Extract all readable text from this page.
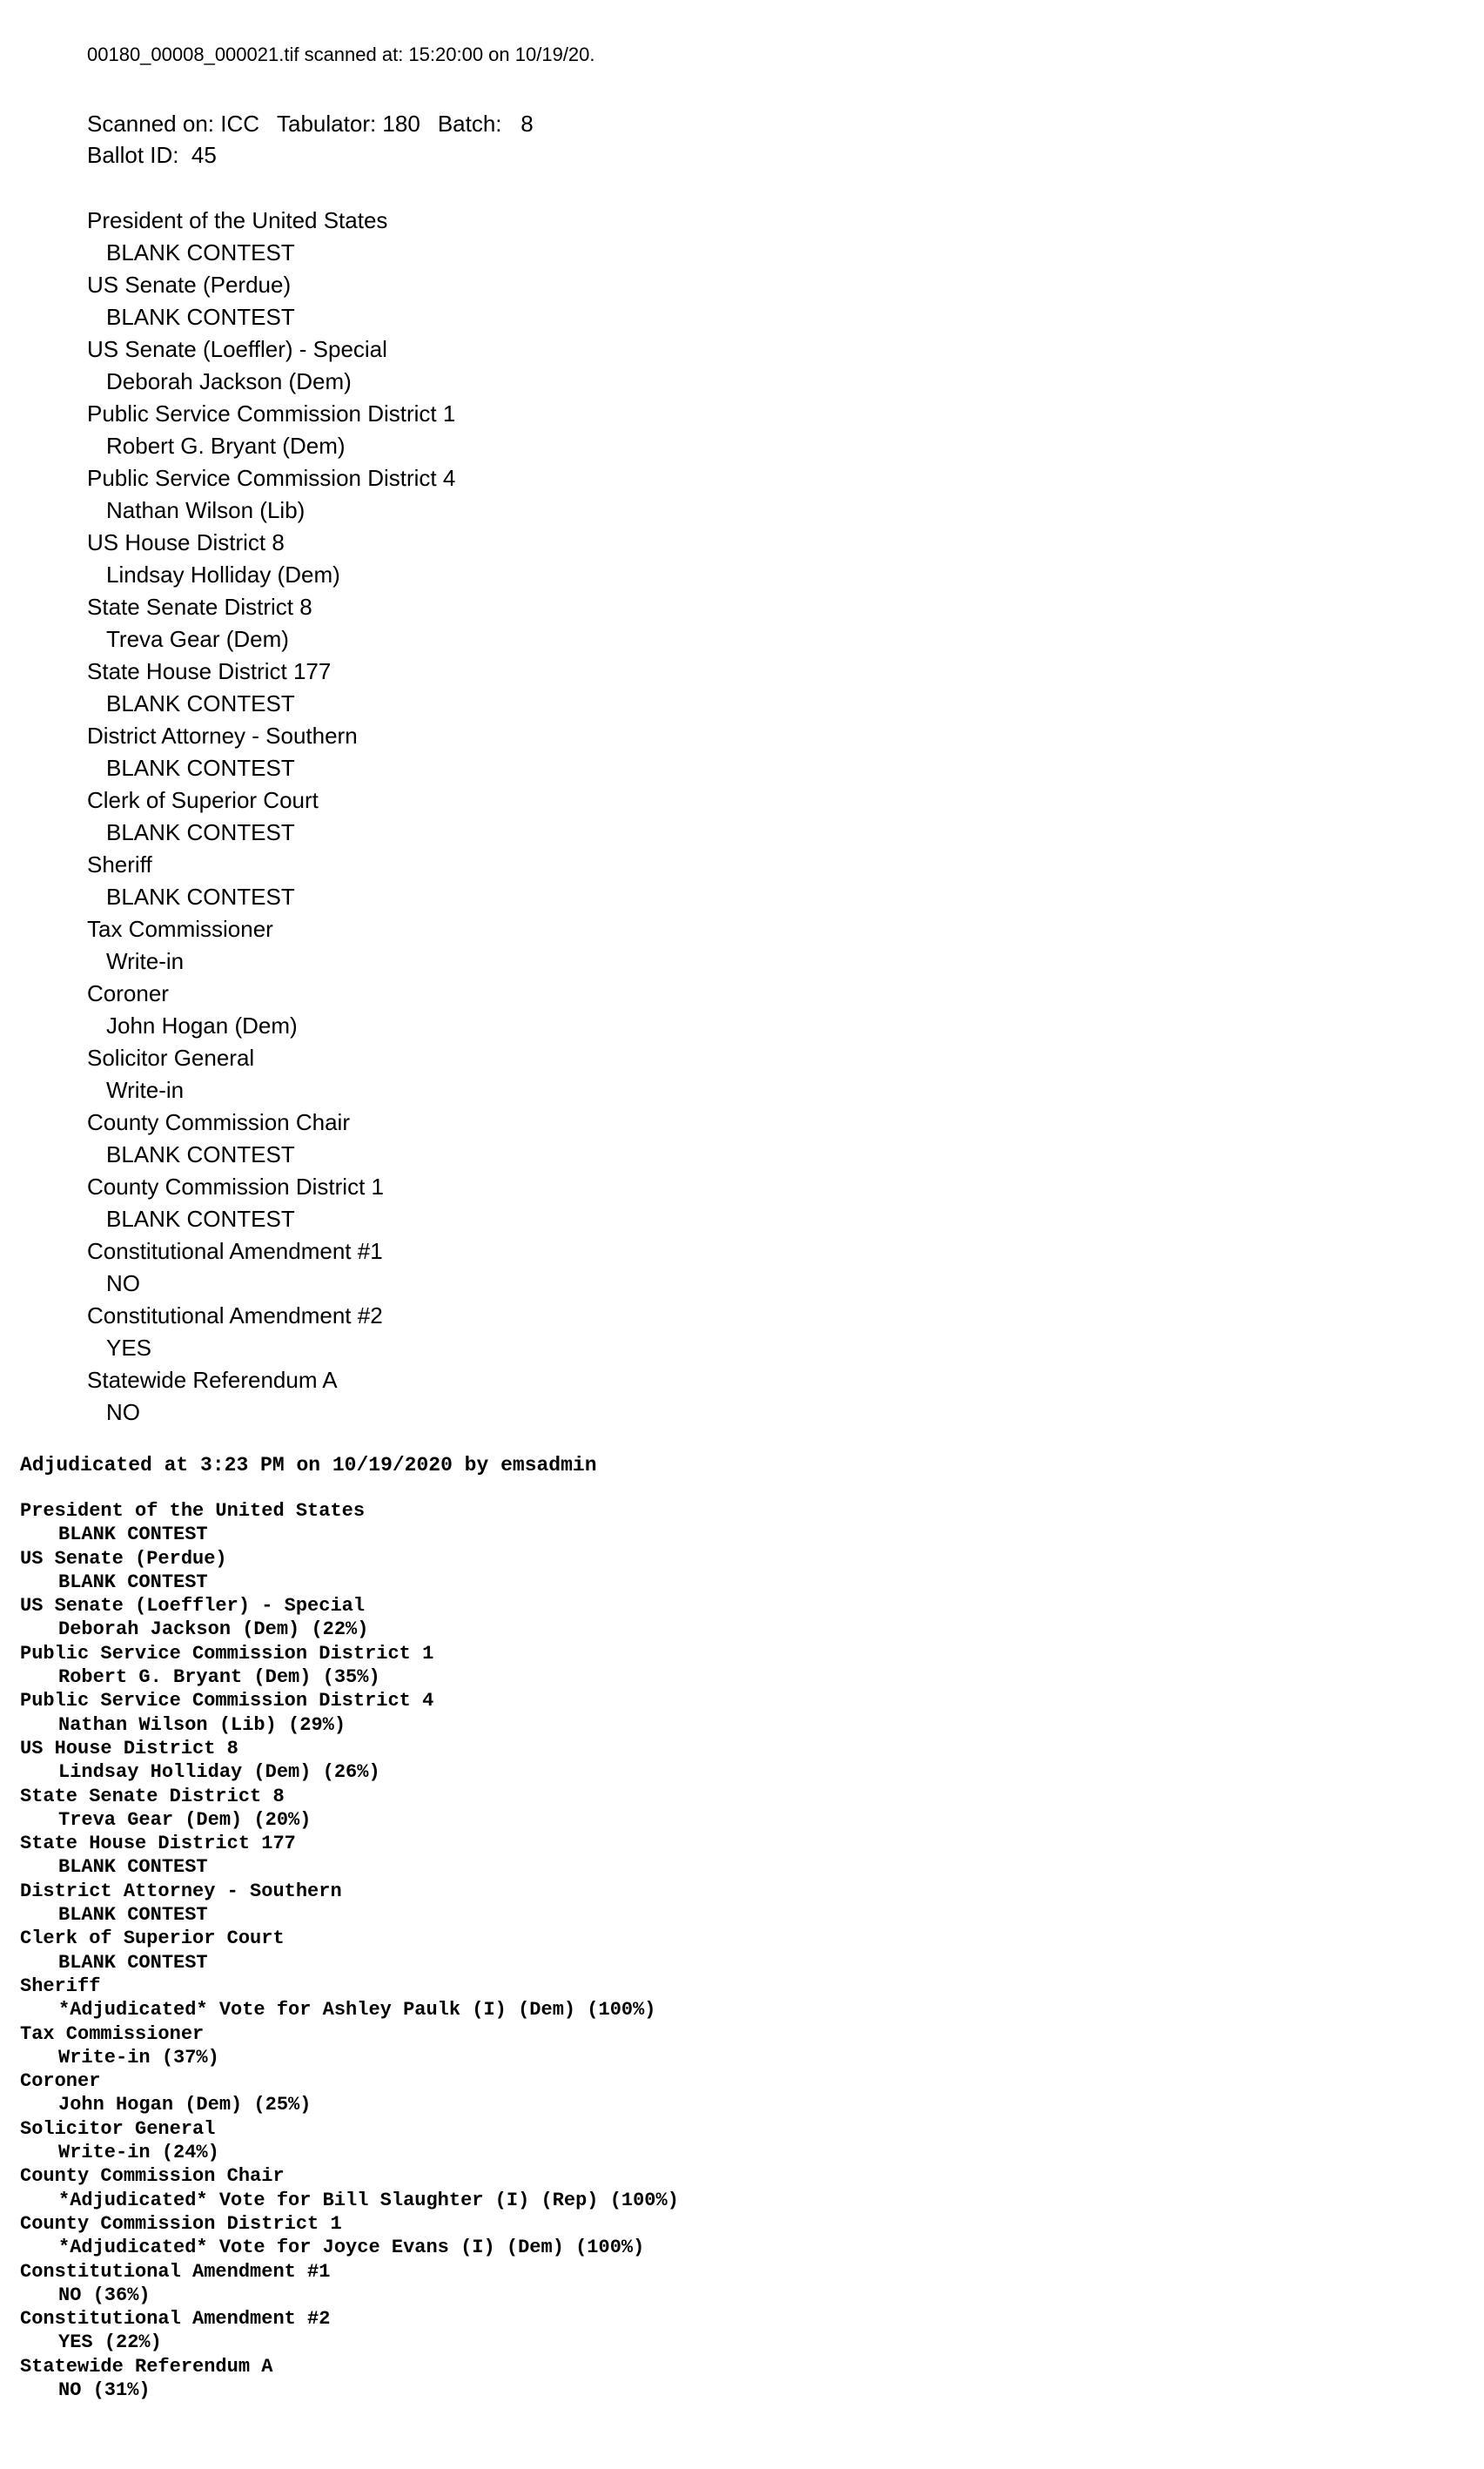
00180_00008_000021.tif scanned at: 15:20:00 on 10/19/20.
Scanned on: ICC Tabulator: 180 Batch:   8
Ballot ID:  45
President of the United States
BLANK CONTEST
US Senate (Perdue)
BLANK CONTEST
US Senate (Loeffler) - Special
Deborah Jackson (Dem)
Public Service Commission District 1
Robert G. Bryant (Dem)
Public Service Commission District 4
Nathan Wilson (Lib)
US House District 8
Lindsay Holliday (Dem)
State Senate District 8
Treva Gear (Dem)
State House District 177
BLANK CONTEST
District Attorney - Southern
BLANK CONTEST
Clerk of Superior Court
BLANK CONTEST
Sheriff
BLANK CONTEST
Tax Commissioner
Write-in
Coroner
John Hogan (Dem)
Solicitor General
Write-in
County Commission Chair
BLANK CONTEST
County Commission District 1
BLANK CONTEST
Constitutional Amendment #1
NO
Constitutional Amendment #2
YES
Statewide Referendum A
NO
Adjudicated at 3:23 PM on 10/19/2020 by emsadmin
President of the United States
BLANK CONTEST
US Senate (Perdue)
BLANK CONTEST
US Senate (Loeffler) - Special
Deborah Jackson (Dem) (22%)
Public Service Commission District 1
Robert G. Bryant (Dem) (35%)
Public Service Commission District 4
Nathan Wilson (Lib) (29%)
US House District 8
Lindsay Holliday (Dem) (26%)
State Senate District 8
Treva Gear (Dem) (20%)
State House District 177
BLANK CONTEST
District Attorney - Southern
BLANK CONTEST
Clerk of Superior Court
BLANK CONTEST
Sheriff
*Adjudicated* Vote for Ashley Paulk (I) (Dem) (100%)
Tax Commissioner
Write-in (37%)
Coroner
John Hogan (Dem) (25%)
Solicitor General
Write-in (24%)
County Commission Chair
*Adjudicated* Vote for Bill Slaughter (I) (Rep) (100%)
County Commission District 1
*Adjudicated* Vote for Joyce Evans (I) (Dem) (100%)
Constitutional Amendment #1
NO (36%)
Constitutional Amendment #2
YES (22%)
Statewide Referendum A
NO (31%)
